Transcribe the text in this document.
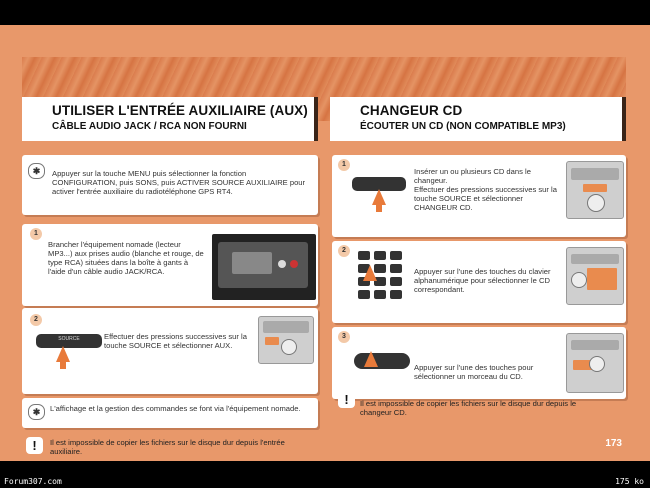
UTILISER L'ENTRÉE AUXILIAIRE (AUX)
CÂBLE AUDIO JACK / RCA NON FOURNI
✱	Appuyer sur la touche MENU puis sélectionner la fonction CONFIGURATION, puis SONS, puis ACTIVER SOURCE AUXILIAIRE pour activer l'entrée auxiliaire du radiotéléphone GPS RT4.
1
Brancher l'équipement nomade (lecteur MP3...) aux prises audio (blanche et rouge, de type RCA) situées dans la boîte à gants à l'aide d'un câble audio JACK/RCA.
2
SOURCE	Effectuer des pressions successives sur la touche SOURCE et sélectionner AUX.
✱	L'affichage et la gestion des commandes se font via l'équipement nomade.
!	Il est impossible de copier les fichiers sur le disque dur depuis l'entrée auxiliaire.
CHANGEUR CD
ÉCOUTER UN CD (NON COMPATIBLE MP3)
1
Insérer un ou plusieurs CD dans le changeur.
Effectuer des pressions successives sur la touche SOURCE et sélectionner CHANGEUR CD.
2
Appuyer sur l'une des touches du clavier alphanumérique pour sélectionner le CD correspondant.
3
Appuyer sur l'une des touches pour sélectionner un morceau du CD.
!	Il est impossible de copier les fichiers sur le disque dur depuis le changeur CD.
173
Forum307.com	175 ko
